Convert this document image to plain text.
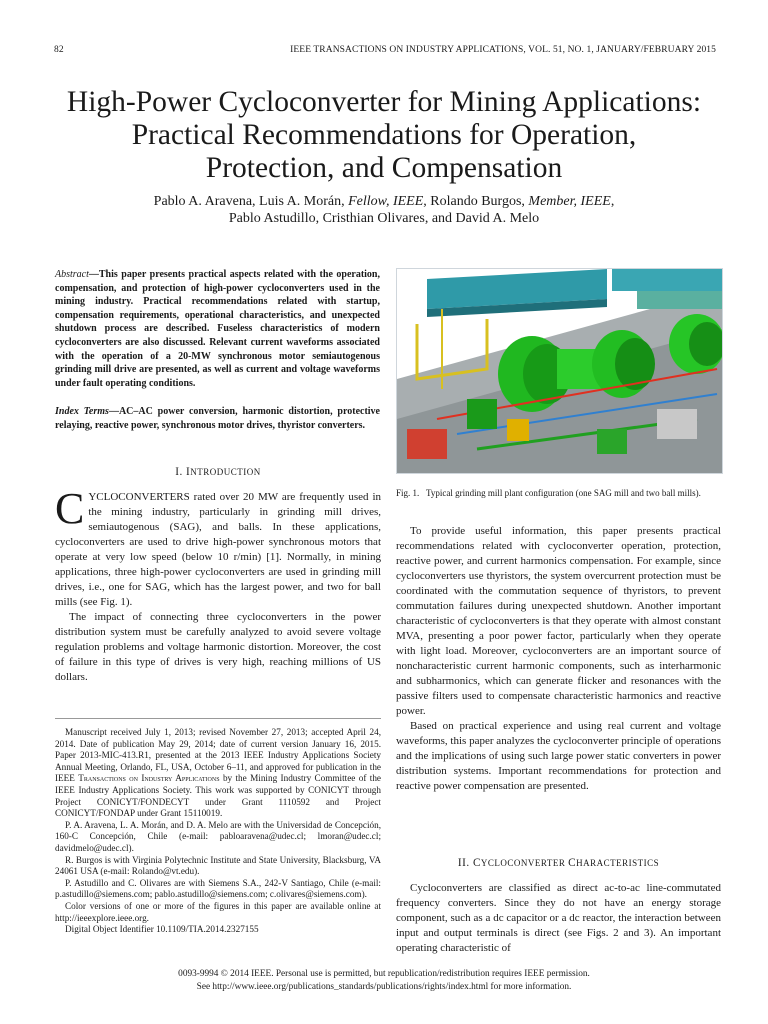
82	IEEE TRANSACTIONS ON INDUSTRY APPLICATIONS, VOL. 51, NO. 1, JANUARY/FEBRUARY 2015
High-Power Cycloconverter for Mining Applications:
Practical Recommendations for Operation,
Protection, and Compensation
Pablo A. Aravena, Luis A. Morán, Fellow, IEEE, Rolando Burgos, Member, IEEE,
Pablo Astudillo, Cristhian Olivares, and David A. Melo
Abstract—This paper presents practical aspects related with the operation, compensation, and protection of high-power cycloconverters used in the mining industry. Practical recommendations related with startup, compensation requirements, operational characteristics, and unexpected shutdown process are described. Fuseless characteristics of modern cycloconverters are also discussed. Relevant current waveforms associated with the operation of a 20-MW synchronous motor semiautogenous grinding mill drive are presented, as well as current and voltage waveforms under fault operating conditions.
Index Terms—AC–AC power conversion, harmonic distortion, protective relaying, reactive power, synchronous motor drives, thyristor converters.
I. INTRODUCTION

CYCLOCONVERTERS rated over 20 MW are frequently used in the mining industry, particularly in grinding mill drives, semiautogenous (SAG), and balls. In these applications, cycloconverters are used to drive high-power synchronous motors that operate at very low speed (below 10 r/min) [1]. Normally, in mining applications, three high-power cycloconverters are used in grinding mill drives, i.e., one for SAG, which has the largest power, and two for ball mills (see Fig. 1).

The impact of connecting three cycloconverters in the power distribution system must be carefully analyzed to avoid severe voltage regulation problems and voltage harmonic distortion. Moreover, the cost of failure in this type of drives is very high, reaching millions of US dollars.

Manuscript received July 1, 2013; revised November 27, 2013; accepted April 24, 2014. Date of publication May 29, 2014; date of current version January 16, 2015. Paper 2013-MIC-413.R1, presented at the 2013 IEEE Industry Applications Society Annual Meeting, Orlando, FL, USA, October 6–11, and approved for publication in the IEEE Transactions on Industry Applications by the Mining Industry Committee of the IEEE Industry Applications Society. This work was supported by CONICYT through Project CONICYT/FONDECYT under Grant 1110592 and Project CONICYT/FONDAP under Grant 15110019.

P. A. Aravena, L. A. Morán, and D. A. Melo are with the Universidad de Concepción, 160-C Concepción, Chile (e-mail: pabloaravena@udec.cl; lmoran@udec.cl; davidmelo@udec.cl).

R. Burgos is with Virginia Polytechnic Institute and State University, Blacksburg, VA 24061 USA (e-mail: Rolando@vt.edu).

P. Astudillo and C. Olivares are with Siemens S.A., 242-V Santiago, Chile (e-mail: p.astudillo@siemens.com; pablo.astudillo@siemens.com; c.olivares@siemens.com).

Color versions of one or more of the figures in this paper are available online at http://ieeexplore.ieee.org.

Digital Object Identifier 10.1109/TIA.2014.2327155

Fig. 1. Typical grinding mill plant configuration (one SAG mill and two ball mills).

To provide useful information, this paper presents practical recommendations related with cycloconverter operation, protection, reactive power, and current harmonics compensation. For example, since cycloconverters use thyristors, the system overcurrent protection must be coordinated with the commutation sequence of thyristors, to prevent commutation failures during unexpected shutdown. Another important characteristic of cycloconverters is that they operate with almost constant MVA, presenting a poor power factor, particularly when they operate with light load. Moreover, cycloconverters are an important source of noncharacteristic current harmonic components, such as interharmonic and subharmonics, which can generate flicker and resonances with the passive filters used to compensate characteristic harmonics and reactive power.

Based on practical experience and using real current and voltage waveforms, this paper analyzes the cycloconverter principle of operations and the implications of using such large power static converters in power distribution systems. Important recommendations for protection and reactive power compensation are presented.

II. CYCLOCONVERTER CHARACTERISTICS

Cycloconverters are classified as direct ac-to-ac line-commutated frequency converters. Since they do not have an energy storage component, such as a dc capacitor or a dc reactor, the interaction between input and output terminals is direct (see Figs. 2 and 3). An important operating characteristic of

0093-9994 © 2014 IEEE. Personal use is permitted, but republication/redistribution requires IEEE permission.
See http://www.ieee.org/publications_standards/publications/rights/index.html for more information.
